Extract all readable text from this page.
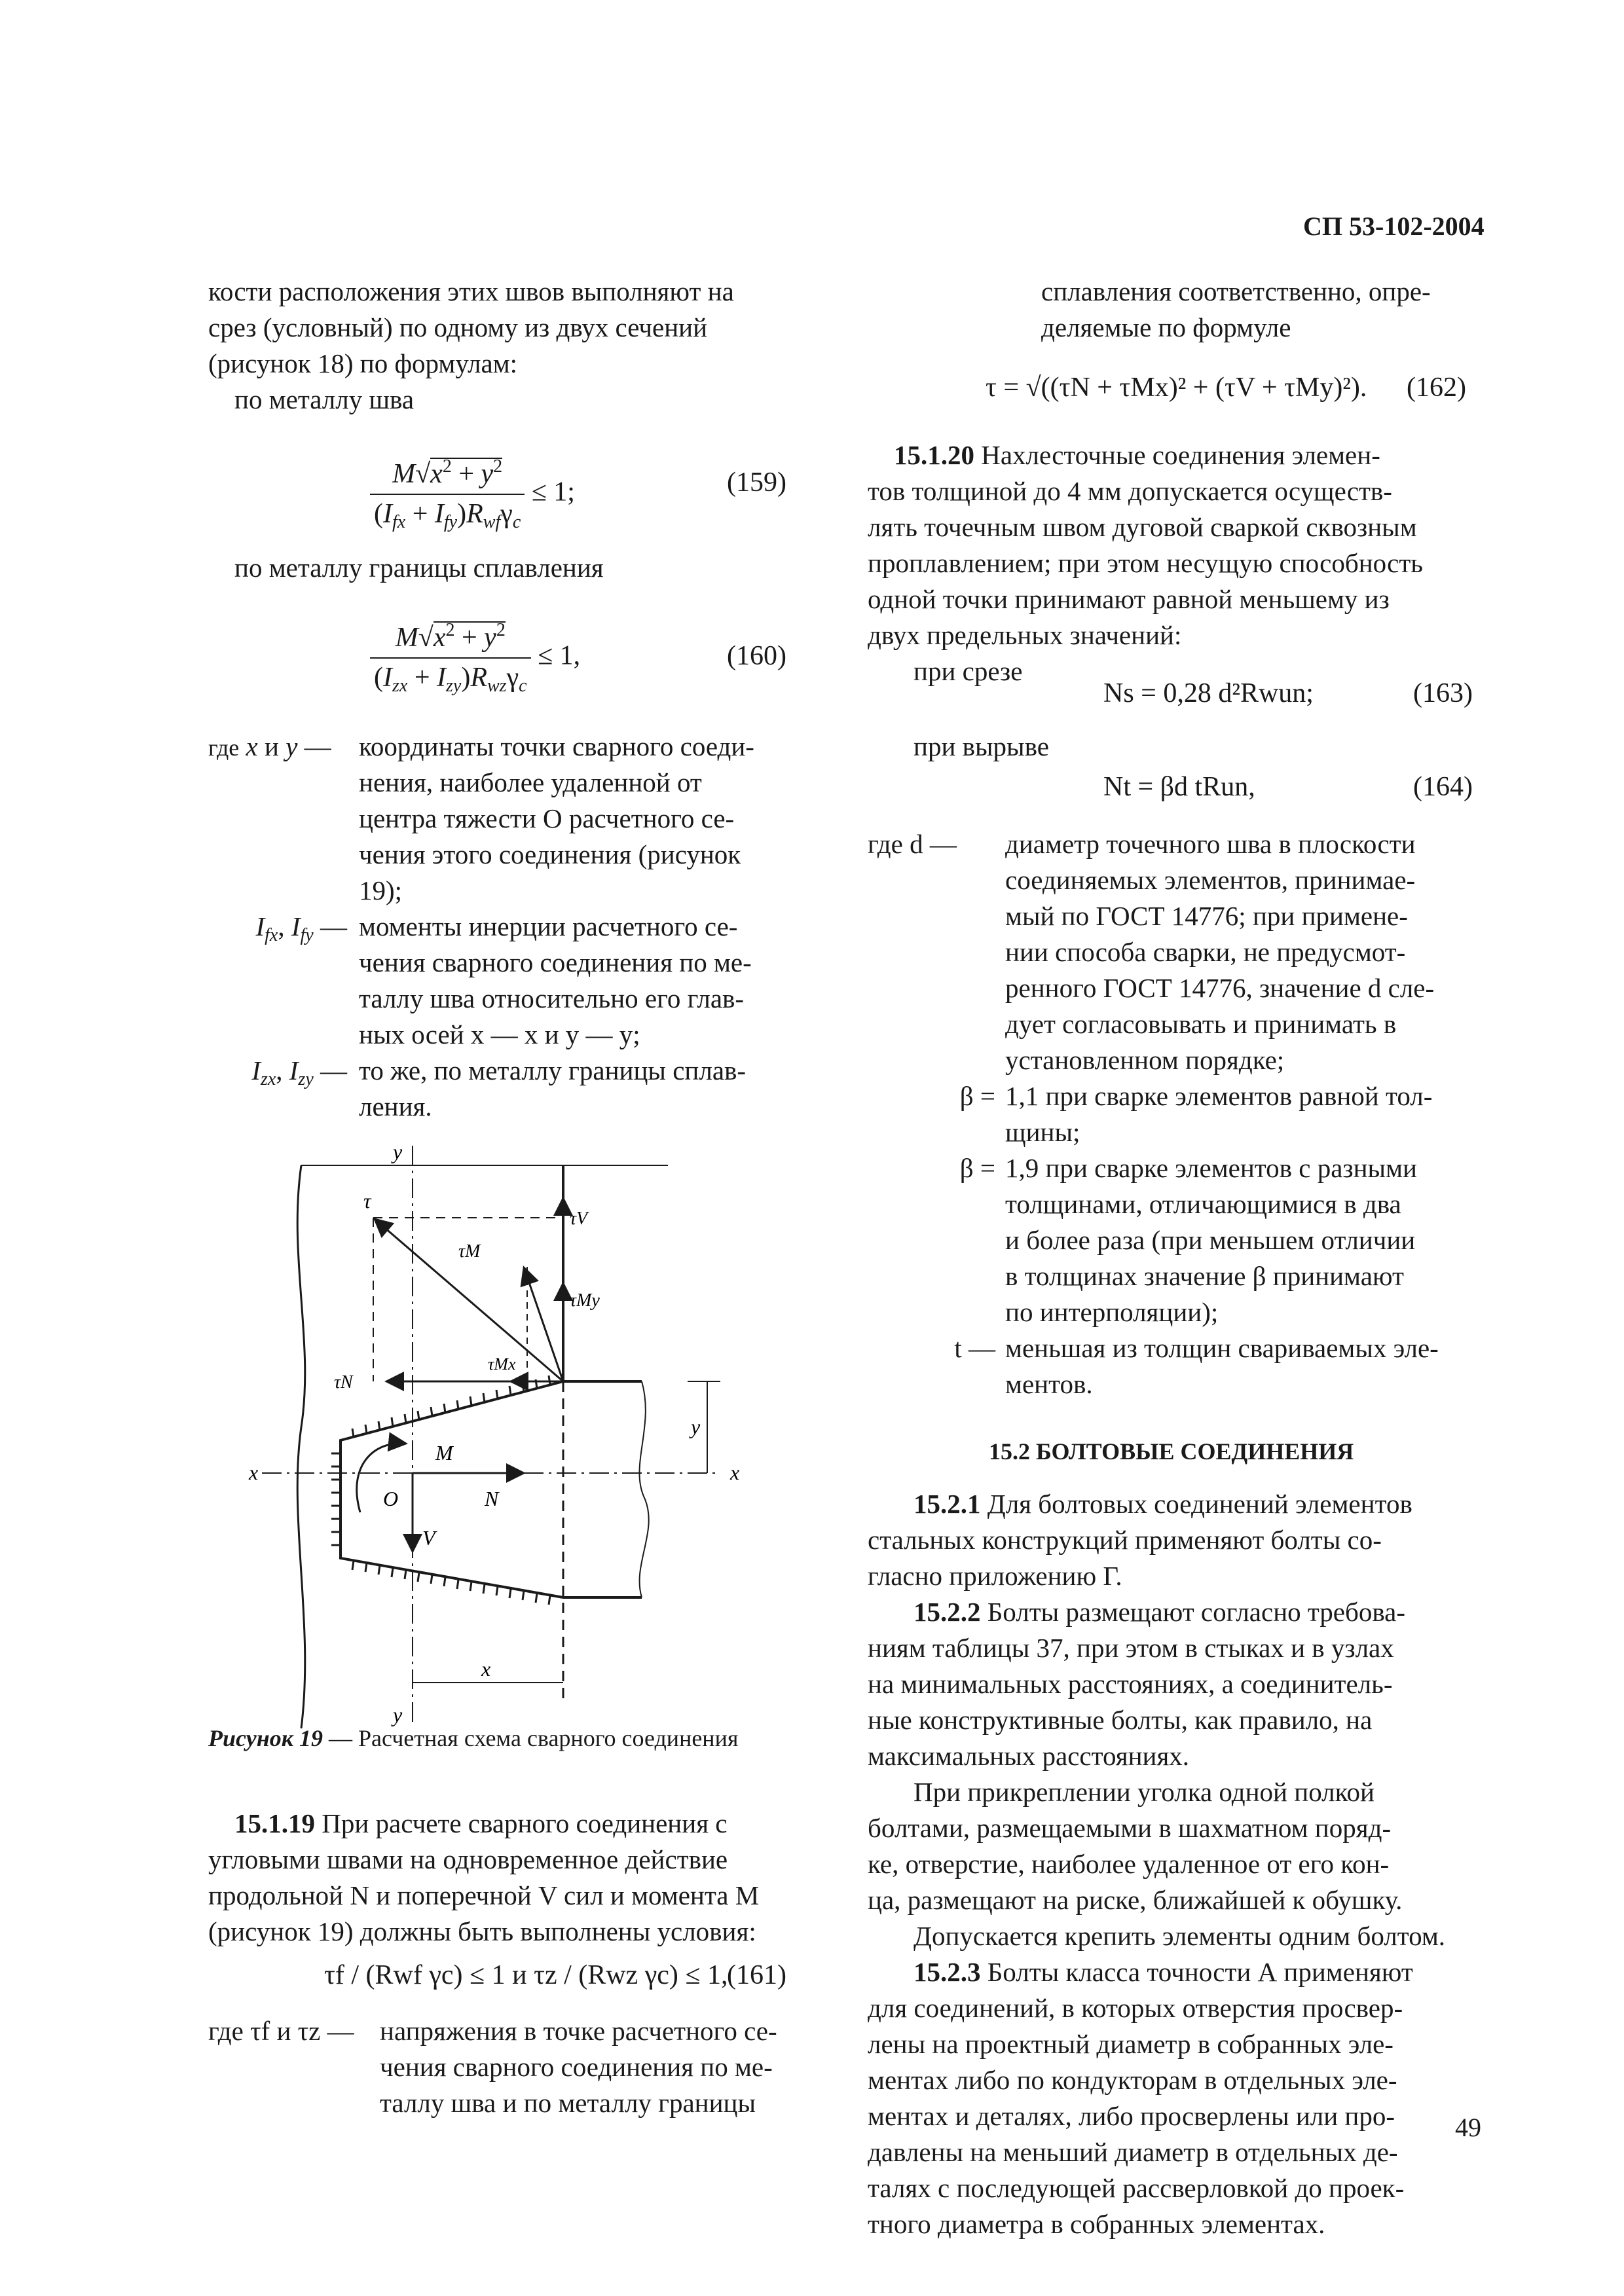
СП 53-102-2004
кости расположения этих швов выполняют на
срез (условный) по одному из двух сечений
(рисунок 18) по формулам:
по металлу шва
$\frac{M√x^2 + y^2}{(I_{fx} + I_{fy})R_{wf}\gamma_c} \le 1$;	(159)
по металлу границы сплавления
$\frac{M√x^2 + y^2}{(I_{zx} + I_{zy})R_{wz}\gamma_c} \le 1$,	(160)
где x и y —	координаты точки сварного соеди-
нения, наиболее удаленной от
центра тяжести O расчетного се-
чения этого соединения (рисунок
19);
$I_{fx}$, $I_{fy}$ — моменты инерции расчетного се-
чения сварного соединения по ме-
таллу шва относительно его глав-
ных осей x — x и y — y;
$I_{zx}$, $I_{zy}$ — то же, по металлу границы сплав-
ления.
y
y
x	x
τ
τV
τM
τMy
τN
τMx
M
O	N
V
x
y
Рисунок 19 — Расчетная схема сварного соединения
15.1.19 При расчете сварного соединения с
угловыми швами на одновременное действие
продольной N и поперечной V сил и момента M
(рисунок 19) должны быть выполнены условия:
τf / (Rwf γc) ≤ 1 и τz / (Rwz γc) ≤ 1,
(161)
где τf и τz — напряжения в точке расчетного се-
чения сварного соединения по ме-
таллу шва и по металлу границы
сплавления соответственно, опре-
деляемые по формуле
τ = √((τN + τMx)² + (τV + τMy)²). (162)
15.1.20 Нахлесточные соединения элемен-
тов толщиной до 4 мм допускается осуществ-
лять точечным швом дуговой сваркой сквозным
проплавлением; при этом несущую способность
одной точки принимают равной меньшему из
двух предельных значений:
при срезе
Ns = 0,28 d²Rwun;	(163)
при вырыве
Nt = βd tRun,	(164)
где d —	диаметр точечного шва в плоскости
соединяемых элементов, принимае-
мый по ГОСТ 14776; при примене-
нии способа сварки, не предусмот-
ренного ГОСТ 14776, значение d сле-
дует согласовывать и принимать в
установленном порядке;
β = 1,1 при сварке элементов равной тол-
щины;
β = 1,9 при сварке элементов с разными
толщинами, отличающимися в два
и более раза (при меньшем отличии
в толщинах значение β принимают
по интерполяции);
t — меньшая из толщин свариваемых эле-
ментов.
15.2 БОЛТОВЫЕ СОЕДИНЕНИЯ
15.2.1 Для болтовых соединений элементов
стальных конструкций применяют болты со-
гласно приложению Г.
15.2.2 Болты размещают согласно требова-
ниям таблицы 37, при этом в стыках и в узлах
на минимальных расстояниях, а соединитель-
ные конструктивные болты, как правило, на
максимальных расстояниях.
При прикреплении уголка одной полкой
болтами, размещаемыми в шахматном поряд-
ке, отверстие, наиболее удаленное от его кон-
ца, размещают на риске, ближайшей к обушку.
Допускается крепить элементы одним болтом.
15.2.3 Болты класса точности А применяют
для соединений, в которых отверстия просвер-
лены на проектный диаметр в собранных эле-
ментах либо по кондукторам в отдельных эле-
ментах и деталях, либо просверлены или про-
давлены на меньший диаметр в отдельных де-
талях с последующей рассверловкой до проек-
тного диаметра в собранных элементах.
49
